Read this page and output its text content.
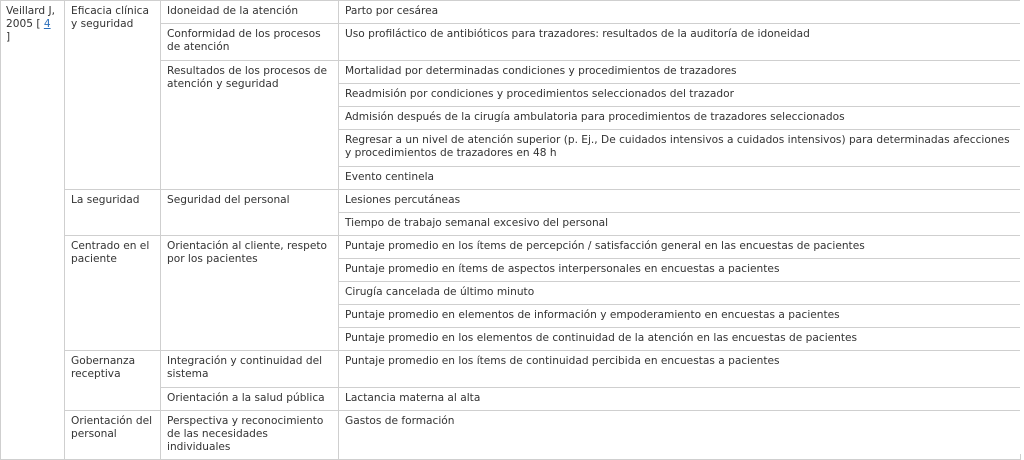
Veillard J,
2005 [ 4 ]	Eficacia clínica y seguridad	Idoneidad de la atención	Parto por cesárea
		Conformidad de los procesos de atención	Uso profiláctico de antibióticos para trazadores: resultados de la auditoría de idoneidad
		Resultados de los procesos de atención y seguridad	Mortalidad por determinadas condiciones y procedimientos de trazadores
			Readmisión por condiciones y procedimientos seleccionados del trazador
			Admisión después de la cirugía ambulatoria para procedimientos de trazadores seleccionados
			Regresar a un nivel de atención superior (p. Ej., De cuidados intensivos a cuidados intensivos) para determinadas afecciones y procedimientos de trazadores en 48 h
			Evento centinela
	La seguridad	Seguridad del personal	Lesiones percutáneas
			Tiempo de trabajo semanal excesivo del personal
	Centrado en el paciente	Orientación al cliente, respeto por los pacientes	Puntaje promedio en los ítems de percepción / satisfacción general en las encuestas de pacientes
			Puntaje promedio en ítems de aspectos interpersonales en encuestas a pacientes
			Cirugía cancelada de último minuto
			Puntaje promedio en elementos de información y empoderamiento en encuestas a pacientes
			Puntaje promedio en los elementos de continuidad de la atención en las encuestas de pacientes
	Gobernanza receptiva	Integración y continuidad del sistema	Puntaje promedio en los ítems de continuidad percibida en encuestas a pacientes
		Orientación a la salud pública	Lactancia materna al alta
	Orientación del personal	Perspectiva y reconocimiento de las necesidades individuales	Gastos de formación
